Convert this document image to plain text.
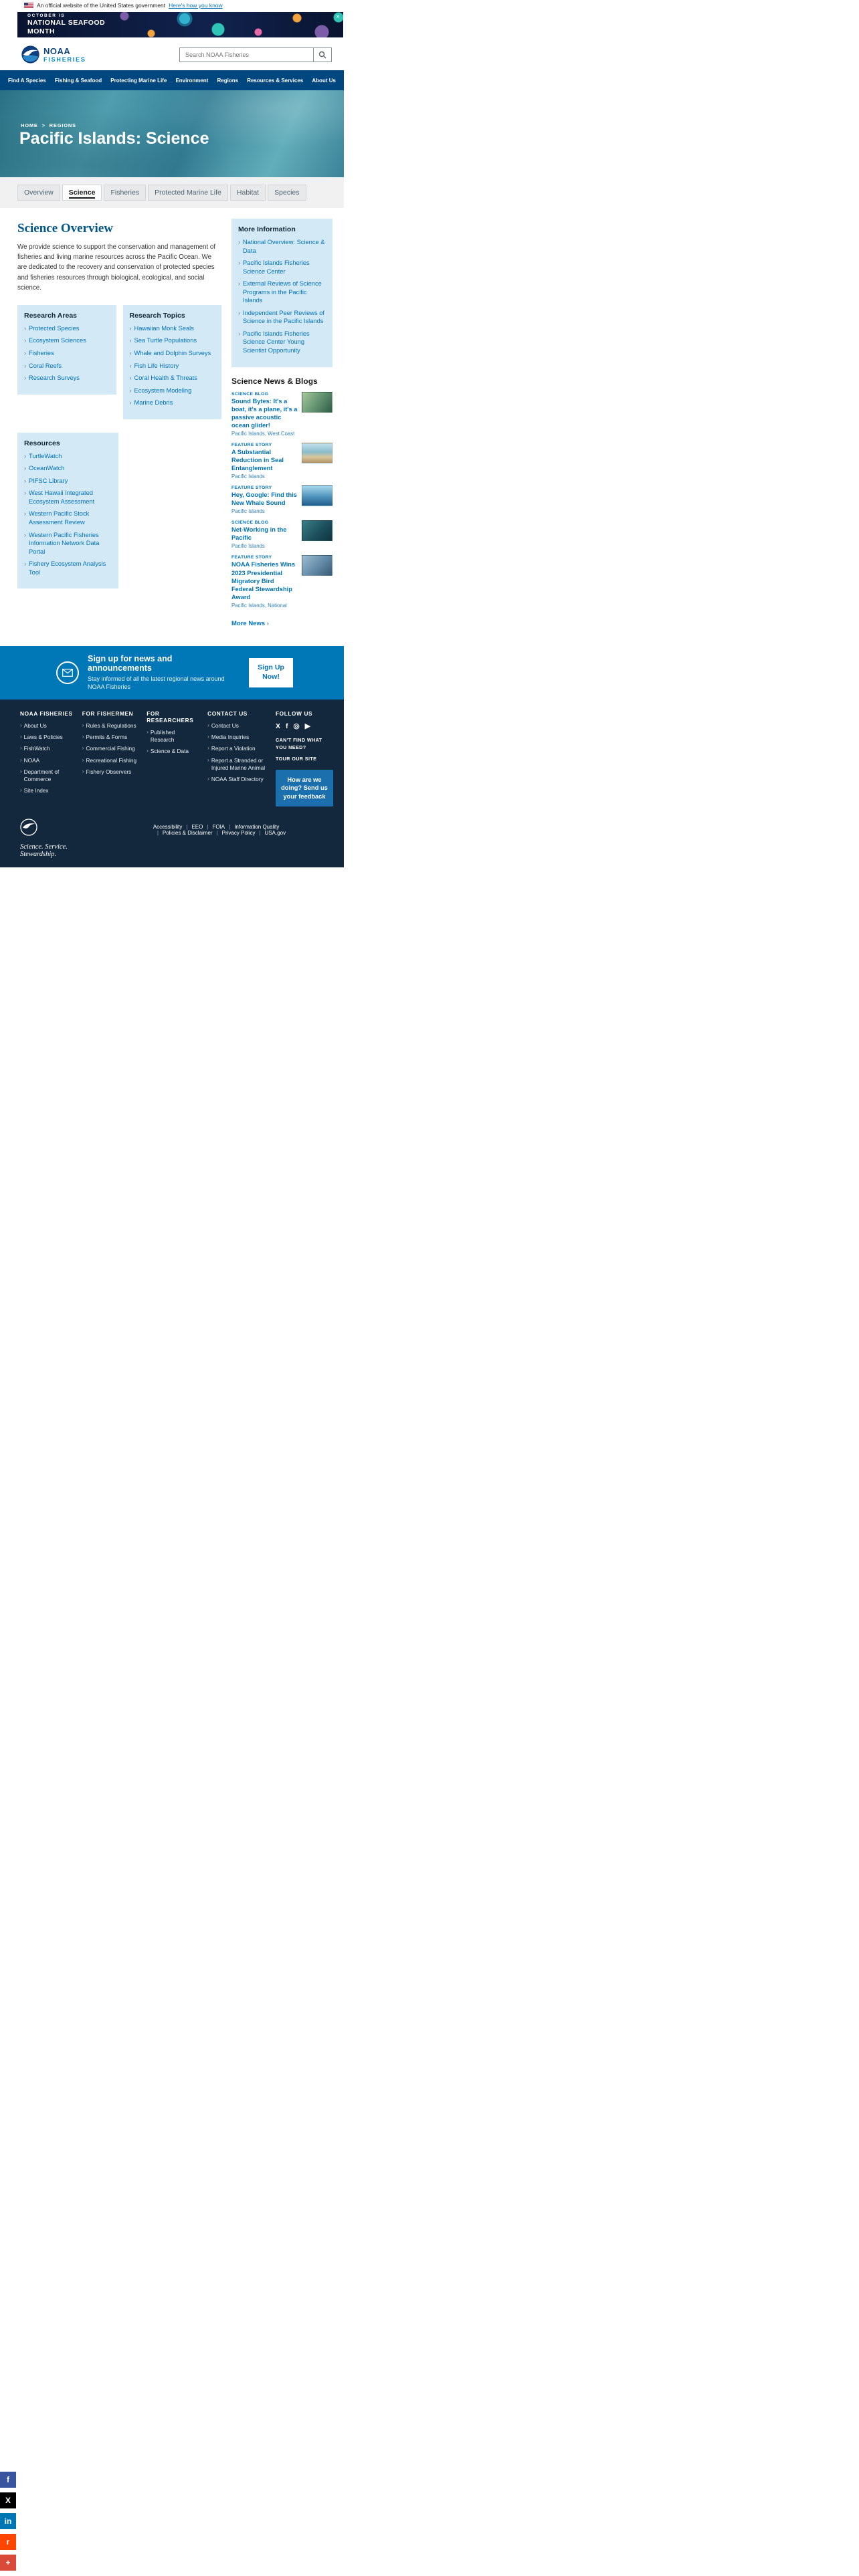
An official website of the United States government Here's how you know
OCTOBER IS
NATIONAL SEAFOOD MONTH
×
NOAA
FISHERIES
Search NOAA Fisheries
Find A Species Fishing & Seafood Protecting Marine Life Environment Regions Resources & Services About Us
HOME > REGIONS
Pacific Islands: Science
Overview	Science	Fisheries	Protected Marine Life	Habitat	Species
Science Overview

We provide science to support the conservation and management of fisheries and living marine resources across the Pacific Ocean. We are dedicated to the recovery and conservation of protected species and fisheries resources through biological, ecological, and social science.

Research Areas
› Protected Species
› Ecosystem Sciences
› Fisheries
› Coral Reefs
› Research Surveys
Research Topics
› Hawaiian Monk Seals
› Sea Turtle Populations
› Whale and Dolphin Surveys
› Fish Life History
› Coral Health & Threats
› Ecosystem Modeling
› Marine Debris
Resources
› TurtleWatch
› OceanWatch
› PIFSC Library
› West Hawaii Integrated Ecosystem Assessment
› Western Pacific Stock Assessment Review
› Western Pacific Fisheries Information Network Data Portal
› Fishery Ecosystem Analysis Tool
More Information
› National Overview: Science & Data
› Pacific Islands Fisheries Science Center
› External Reviews of Science Programs in the Pacific Islands
› Independent Peer Reviews of Science in the Pacific Islands
› Pacific Islands Fisheries Science Center Young Scientist Opportunity
Science News & Blogs
SCIENCE BLOG
Sound Bytes: It's a boat, it's a plane, it's a passive acoustic ocean glider!
Pacific Islands, West Coast
FEATURE STORY
A Substantial Reduction in Seal Entanglement
Pacific Islands
FEATURE STORY
Hey, Google: Find this New Whale Sound
Pacific Islands
SCIENCE BLOG
Net-Working in the Pacific
Pacific Islands
FEATURE STORY
NOAA Fisheries Wins 2023 Presidential Migratory Bird Federal Stewardship Award
Pacific Islands, National
More News ›
Sign up for news and announcements
Stay informed of all the latest regional news around NOAA Fisheries
Sign Up Now!
NOAA FISHERIES
› About Us
› Laws & Policies
› FishWatch
› NOAA
› Department of Commerce
› Site Index
FOR FISHERMEN
› Rules & Regulations
› Permits & Forms
› Commercial Fishing
› Recreational Fishing
› Fishery Observers
FOR RESEARCHERS
› Published Research
› Science & Data
CONTACT US
› Contact Us
› Media Inquiries
› Report a Violation
› Report a Stranded or Injured Marine Animal
› NOAA Staff Directory
FOLLOW US
X f ◎ ▶
CAN'T FIND WHAT YOU NEED?
TOUR OUR SITE How are we doing? Send us your feedback
Science. Service. Stewardship.
Accessibility	| EEO	| FOIA	| Information Quality
| Policies & Disclaimer	| Privacy Policy	| USA.gov
f
X
in
r
+
